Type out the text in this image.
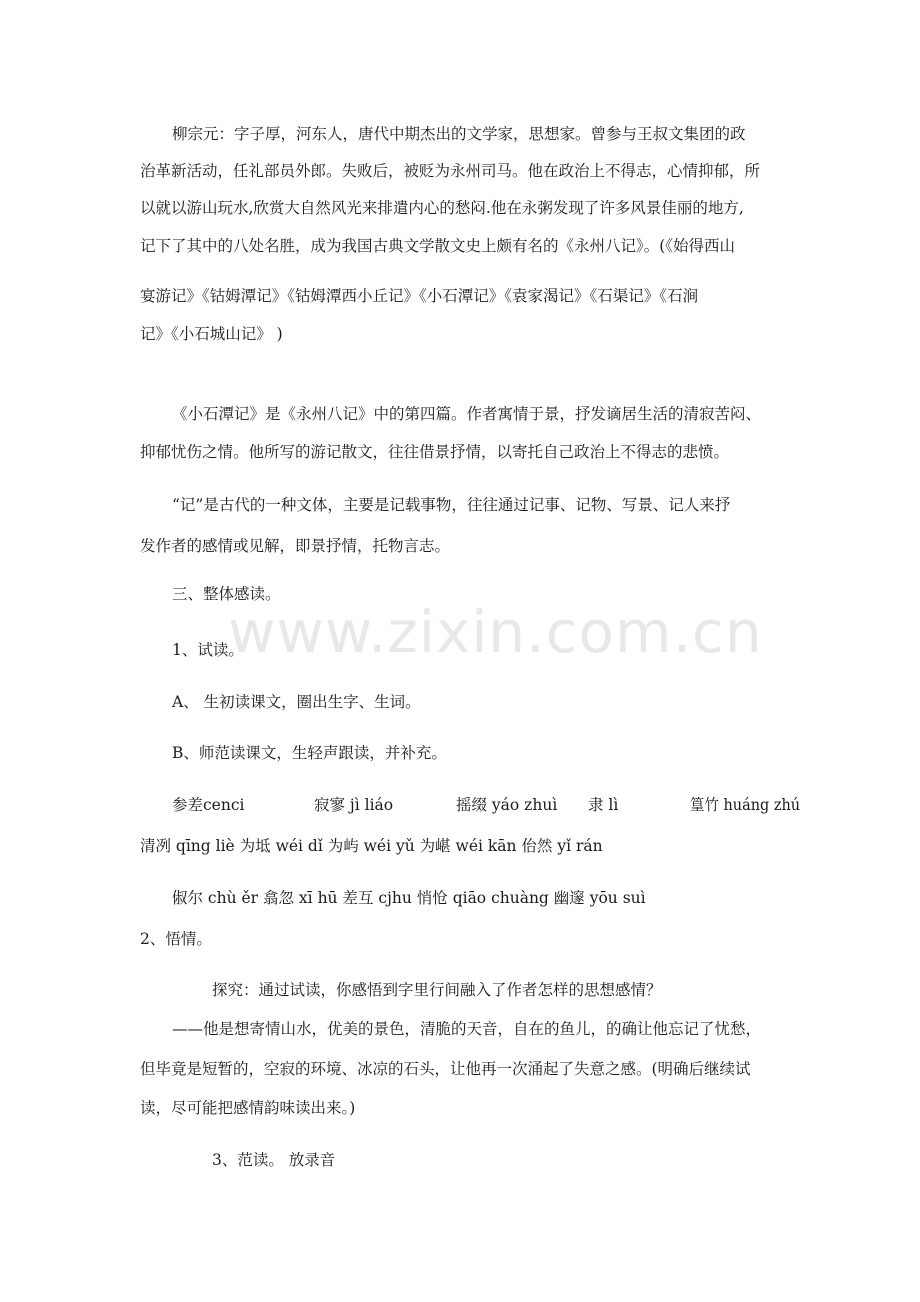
www.zixin.com.cn
柳宗元：字子厚，河东人，唐代中期杰出的文学家，思想家。曾参与王叔文集团的政
治革新活动，任礼部员外郎。失败后，被贬为永州司马。他在政治上不得志，心情抑郁，所
以就以游山玩水,欣赏大自然风光来排遣内心的愁闷.他在永粥发现了许多风景佳丽的地方,
记下了其中的八处名胜，成为我国古典文学散文史上颇有名的《永州八记》。(《始得西山
宴游记》《钴姆潭记》《钴姆潭西小丘记》《小石潭记》《袁家渴记》《石渠记》《石涧
记》《小石城山记》 )
《小石潭记》是《永州八记》中的第四篇。作者寓情于景，抒发谪居生活的清寂苦闷、
抑郁忧伤之情。他所写的游记散文，往往借景抒情，以寄托自己政治上不得志的悲愤。
“记”是古代的一种文体，主要是记载事物，往往通过记事、记物、写景、记人来抒
发作者的感情或见解，即景抒情，托物言志。
三、整体感读。
1、试读。
A、 生初读课文，圈出生字、生词。
B、师范读课文，生轻声跟读，并补充。
参差cenci	寂寥 jì liáo	摇缀 yáo zhuì 隶 lì	篁竹 huáng zhú
清冽 qīng liè 为坻 wéi dǐ 为屿 wéi yǔ 为嵁 wéi kān 佁然 yǐ rán
俶尔 chù ěr 翕忽 xī hū 差互 cjhu 悄怆 qiāo chuàng 幽邃 yōu suì
2、悟情。
探究：通过试读，你感悟到字里行间融入了作者怎样的思想感情？
——他是想寄情山水，优美的景色，清脆的天音，自在的鱼儿，的确让他忘记了忧愁，
但毕竟是短暂的，空寂的环境、冰凉的石头，让他再一次涌起了失意之感。(明确后继续试
读，尽可能把感情韵味读出来。)
3、范读。 放录音
